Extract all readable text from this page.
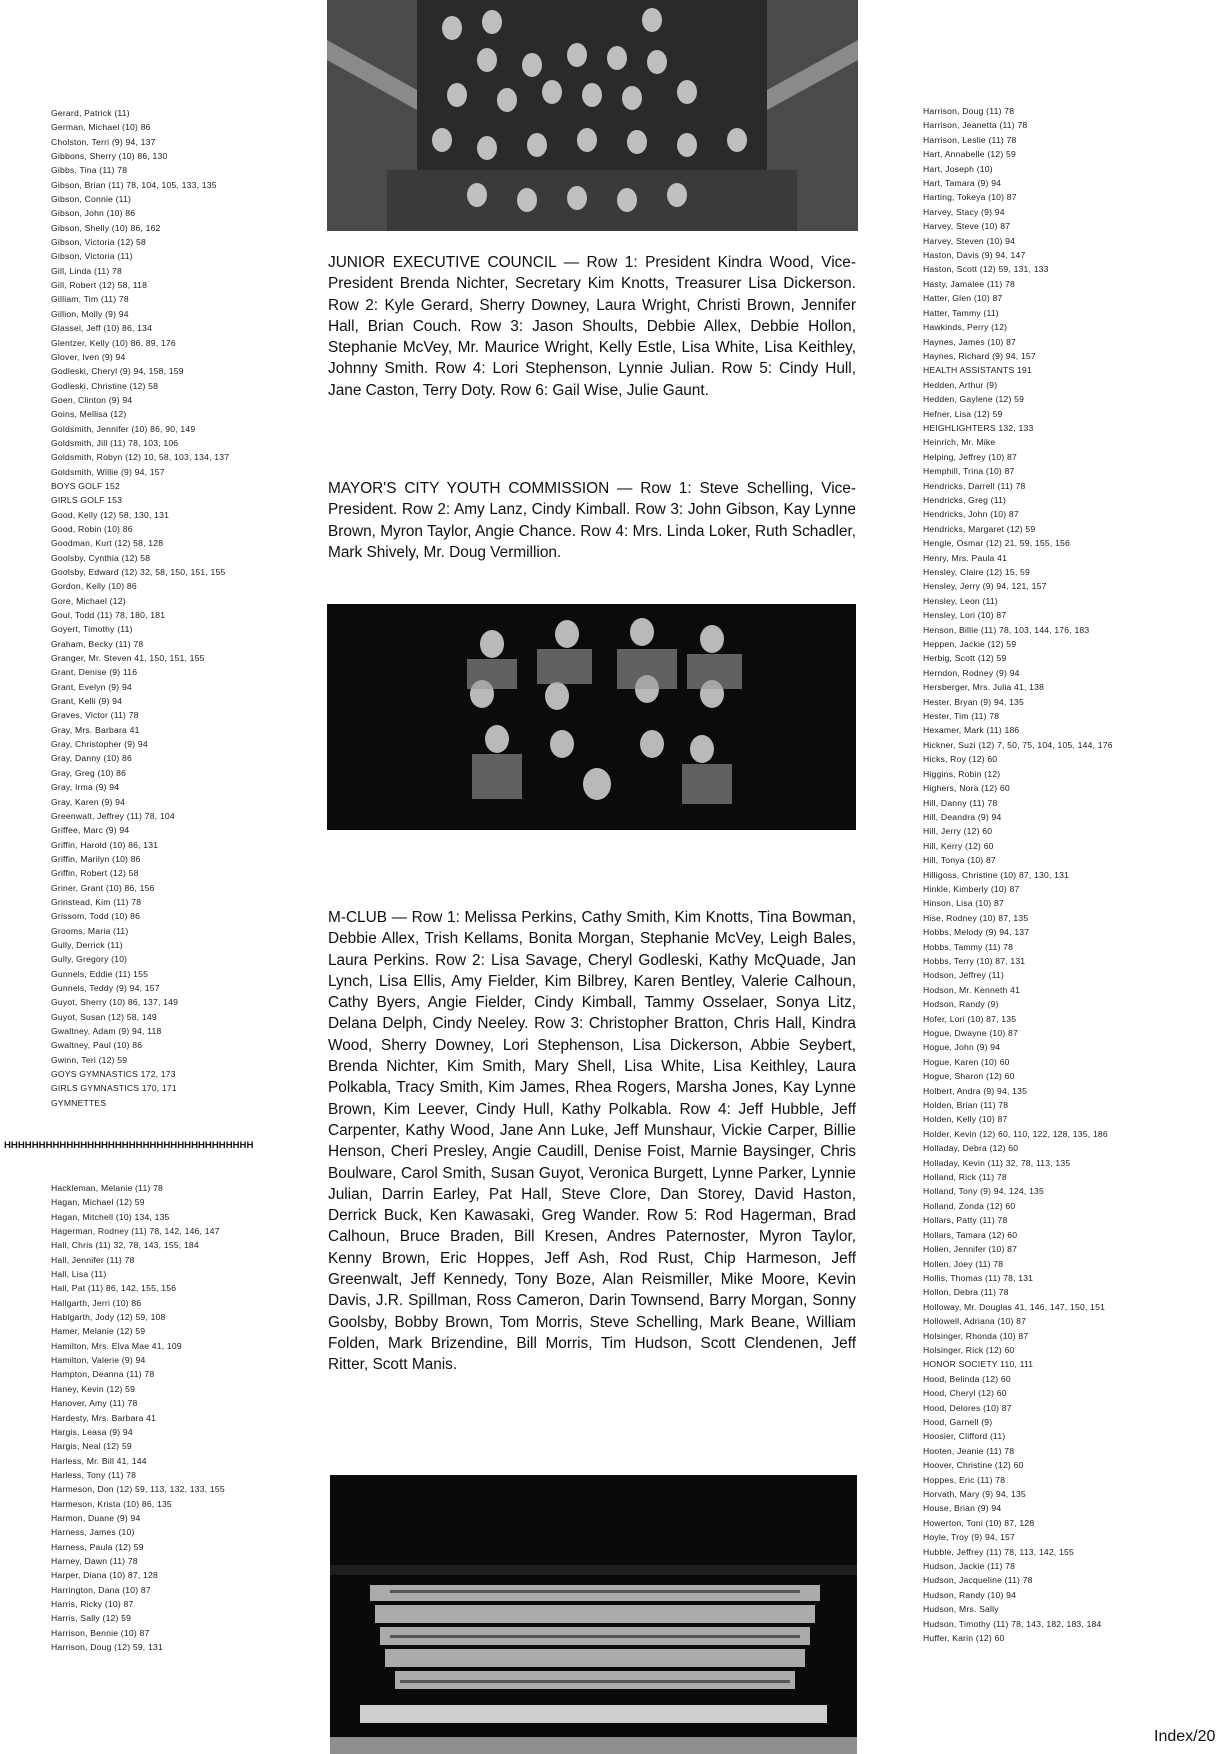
Gerard, Patrick (11)
German, Michael (10) 86
Cholston, Terri (9) 94, 137
Gibbons, Sherry (10) 86, 130
Gibbs, Tina (11) 78
Gibson, Brian (11) 78, 104, 105, 133, 135
Gibson, Connie (11)
Gibson, John (10) 86
Gibson, Shelly (10) 86, 162
Gibson, Victoria (12) 58
Gibson, Victoria (11)
Gill, Linda (11) 78
Gill, Robert (12) 58, 118
Gilliam, Tim (11) 78
Gillion, Molly (9) 94
Glassel, Jeff (10) 86, 134
Glentzer, Kelly (10) 86, 89, 176
Glover, Iven (9) 94
Godleski, Cheryl (9) 94, 158, 159
Godleski, Christine (12) 58
Goen, Clinton (9) 94
Goins, Mellisa (12)
Goldsmith, Jennifer (10) 86, 90, 149
Goldsmith, Jill (11) 78, 103, 106
Goldsmith, Robyn (12) 10, 58, 103, 134, 137
Goldsmith, Willie (9) 94, 157
BOYS GOLF 152
GIRLS GOLF 153
Good, Kelly (12) 58, 130, 131
Good, Robin (10) 86
Goodman, Kurt (12) 58, 128
Goolsby, Cynthia (12) 58
Goolsby, Edward (12) 32, 58, 150, 151, 155
Gordon, Kelly (10) 86
Gore, Michael (12)
Goul, Todd (11) 78, 180, 181
Goyert, Timothy (11)
Graham, Becky (11) 78
Granger, Mr. Steven 41, 150, 151, 155
Grant, Denise (9) 116
Grant, Evelyn (9) 94
Grant, Kelli (9) 94
Graves, Victor (11) 78
Gray, Mrs. Barbara 41
Gray, Christopher (9) 94
Gray, Danny (10) 86
Gray, Greg (10) 86
Gray, Irma (9) 94
Gray, Karen (9) 94
Greenwalt, Jeffrey (11) 78, 104
Griffee, Marc (9) 94
Griffin, Harold (10) 86, 131
Griffin, Marilyn (10) 86
Griffin, Robert (12) 58
Griner, Grant (10) 86, 156
Grinstead, Kim (11) 78
Grissom, Todd (10) 86
Grooms, Maria (11)
Gully, Derrick (11)
Gully, Gregory (10)
Gunnels, Eddie (11) 155
Gunnels, Teddy (9) 94, 157
Guyot, Sherry (10) 86, 137, 149
Guyot, Susan (12) 58, 149
Gwaltney, Adam (9) 94, 118
Gwaltney, Paul (10) 86
Gwinn, Teri (12) 59
GOYS GYMNASTICS 172, 173
GIRLS GYMNASTICS 170, 171
GYMNETTES
HHHHHHHHHHHHHHHHHHHHHHHHHHHHHHHHHHHH
Hackleman, Melanie (11) 78
Hagan, Michael (12) 59
Hagan, Mitchell (10) 134, 135
Hagerman, Rodney (11) 78, 142, 146, 147
Hall, Chris (11) 32, 78, 143, 155, 184
Hall, Jennifer (11) 78
Hall, Lisa (11)
Hall, Pat (11) 86, 142, 155, 156
Hallgarth, Jerri (10) 86
Hablgarth, Jody (12) 59, 108
Hamer, Melanie (12) 59
Hamilton, Mrs. Elva Mae 41, 109
Hamilton, Valerie (9) 94
Hampton, Deanna (11) 78
Haney, Kevin (12) 59
Hanover, Amy (11) 78
Hardesty, Mrs. Barbara 41
Hargis, Leasa (9) 94
Hargis, Neal (12) 59
Harless, Mr. Bill 41, 144
Harless, Tony (11) 78
Harmeson, Don (12) 59, 113, 132, 133, 155
Harmeson, Krista (10) 86, 135
Harmon, Duane (9) 94
Harness, James (10)
Harness, Paula (12) 59
Harney, Dawn (11) 78
Harper, Diana (10) 87, 128
Harrington, Dana (10) 87
Harris, Ricky (10) 87
Harris, Sally (12) 59
Harrison, Bennie (10) 87
Harrison, Doug (12) 59, 131
Harrison, Doug (11) 78
Harrison, Jeanetta (11) 78
Harrison, Leslie (11) 78
Hart, Annabelle (12) 59
Hart, Joseph (10)
Hart, Tamara (9) 94
Harting, Tokeya (10) 87
Harvey, Stacy (9) 94
Harvey, Steve (10) 87
Harvey, Steven (10) 94
Haston, Davis (9) 94, 147
Haston, Scott (12) 59, 131, 133
Hasty, Jamalee (11) 78
Hatter, Glen (10) 87
Hatter, Tammy (11)
Hawkinds, Perry (12)
Haynes, James (10) 87
Haynes, Richard (9) 94, 157
HEALTH ASSISTANTS 191
Hedden, Arthur (9)
Hedden, Gaylene (12) 59
Hefner, Lisa (12) 59
HEIGHLIGHTERS 132, 133
Heinrich, Mr. Mike
Helping, Jeffrey (10) 87
Hemphill, Trina (10) 87
Hendricks, Darrell (11) 78
Hendricks, Greg (11)
Hendricks, John (10) 87
Hendricks, Margaret (12) 59
Hengle, Osmar (12) 21, 59, 155, 156
Henry, Mrs. Paula 41
Hensley, Claire (12) 15, 59
Hensley, Jerry (9) 94, 121, 157
Hensley, Leon (11)
Hensley, Lori (10) 87
Henson, Billie (11) 78, 103, 144, 176, 183
Heppen, Jackie (12) 59
Herbig, Scott (12) 59
Herndon, Rodney (9) 94
Hersberger, Mrs. Julia 41, 138
Hester, Bryan (9) 94, 135
Hester, Tim (11) 78
Hexamer, Mark (11) 186
Hickner, Suzi (12) 7, 50, 75, 104, 105, 144, 176
Hicks, Roy (12) 60
Higgins, Robin (12)
Highers, Nora (12) 60
Hill, Danny (11) 78
Hill, Deandra (9) 94
Hill, Jerry (12) 60
Hill, Kerry (12) 60
Hill, Tonya (10) 87
Hilligoss, Christine (10) 87, 130, 131
Hinkle, Kimberly (10) 87
Hinson, Lisa (10) 87
Hise, Rodney (10) 87, 135
Hobbs, Melody (9) 94, 137
Hobbs, Tammy (11) 78
Hobbs, Terry (10) 87, 131
Hodson, Jeffrey (11)
Hodson, Mr. Kenneth 41
Hodson, Randy (9)
Hofer, Lori (10) 87, 135
Hogue, Dwayne (10) 87
Hogue, John (9) 94
Hogue, Karen (10) 60
Hogue, Sharon (12) 60
Holbert, Andra (9) 94, 135
Holden, Brian (11) 78
Holden, Kelly (10) 87
Holder, Kevin (12) 60, 110, 122, 128, 135, 186
Holladay, Debra (12) 60
Holladay, Kevin (11) 32, 78, 113, 135
Holland, Rick (11) 78
Holland, Tony (9) 94, 124, 135
Holland, Zonda (12) 60
Hollars, Patty (11) 78
Hollars, Tamara (12) 60
Hollen, Jennifer (10) 87
Hollen, Joey (11) 78
Hollis, Thomas (11) 78, 131
Hollon, Debra (11) 78
Holloway, Mr. Douglas 41, 146, 147, 150, 151
Hollowell, Adriana (10) 87
Holsinger, Rhonda (10) 87
Holsinger, Rick (12) 60
HONOR SOCIETY 110, 111
Hood, Belinda (12) 60
Hood, Cheryl (12) 60
Hood, Delores (10) 87
Hood, Garnell (9)
Hoosier, Clifford (11)
Hooten, Jeanie (11) 78
Hoover, Christine (12) 60
Hoppes, Eric (11) 78
Horvath, Mary (9) 94, 135
House, Brian (9) 94
Howerton, Toni (10) 87, 128
Hoyle, Troy (9) 94, 157
Hubble, Jeffrey (11) 78, 113, 142, 155
Hudson, Jackie (11) 78
Hudson, Jacqueline (11) 78
Hudson, Randy (10) 94
Hudson, Mrs. Sally
Hudson, Timothy (11) 78, 143, 182, 183, 184
Huffer, Karin (12) 60

JUNIOR EXECUTIVE COUNCIL — Row 1: President Kindra Wood, Vice-President Brenda Nichter, Secretary Kim Knotts, Treasurer Lisa Dickerson. Row 2: Kyle Gerard, Sherry Downey, Laura Wright, Christi Brown, Jennifer Hall, Brian Couch. Row 3: Jason Shoults, Debbie Allex, Debbie Hollon, Stephanie McVey, Mr. Maurice Wright, Kelly Estle, Lisa White, Lisa Keithley, Johnny Smith. Row 4: Lori Stephenson, Lynnie Julian. Row 5: Cindy Hull, Jane Caston, Terry Doty. Row 6: Gail Wise, Julie Gaunt.

MAYOR'S CITY YOUTH COMMISSION — Row 1: Steve Schelling, Vice-President. Row 2: Amy Lanz, Cindy Kimball. Row 3: John Gibson, Kay Lynne Brown, Myron Taylor, Angie Chance. Row 4: Mrs. Linda Loker, Ruth Schadler, Mark Shively, Mr. Doug Vermillion.

M-CLUB — Row 1: Melissa Perkins, Cathy Smith, Kim Knotts, Tina Bowman, Debbie Allex, Trish Kellams, Bonita Morgan, Stephanie McVey, Leigh Bales, Laura Perkins. Row 2: Lisa Savage, Cheryl Godleski, Kathy McQuade, Jan Lynch, Lisa Ellis, Amy Fielder, Kim Bilbrey, Karen Bentley, Valerie Calhoun, Cathy Byers, Angie Fielder, Cindy Kimball, Tammy Osselaer, Sonya Litz, Delana Delph, Cindy Neeley. Row 3: Christopher Bratton, Chris Hall, Kindra Wood, Sherry Downey, Lori Stephenson, Lisa Dickerson, Abbie Seybert, Brenda Nichter, Kim Smith, Mary Shell, Lisa White, Lisa Keithley, Laura Polkabla, Tracy Smith, Kim James, Rhea Rogers, Marsha Jones, Kay Lynne Brown, Kim Leever, Cindy Hull, Kathy Polkabla. Row 4: Jeff Hubble, Jeff Carpenter, Kathy Wood, Jane Ann Luke, Jeff Munshaur, Vickie Carper, Billie Henson, Cheri Presley, Angie Caudill, Denise Foist, Marnie Baysinger, Chris Boulware, Carol Smith, Susan Guyot, Veronica Burgett, Lynne Parker, Lynnie Julian, Darrin Earley, Pat Hall, Steve Clore, Dan Storey, David Haston, Derrick Buck, Ken Kawasaki, Greg Wander. Row 5: Rod Hagerman, Brad Calhoun, Bruce Braden, Bill Kresen, Andres Paternoster, Myron Taylor, Kenny Brown, Eric Hoppes, Jeff Ash, Rod Rust, Chip Harmeson, Jeff Greenwalt, Jeff Kennedy, Tony Boze, Alan Reismiller, Mike Moore, Kevin Davis, J.R. Spillman, Ross Cameron, Darin Townsend, Barry Morgan, Sonny Goolsby, Bobby Brown, Tom Morris, Steve Schelling, Mark Beane, William Folden, Mark Brizendine, Bill Morris, Tim Hudson, Scott Clendenen, Jeff Ritter, Scott Manis.

Index/20
